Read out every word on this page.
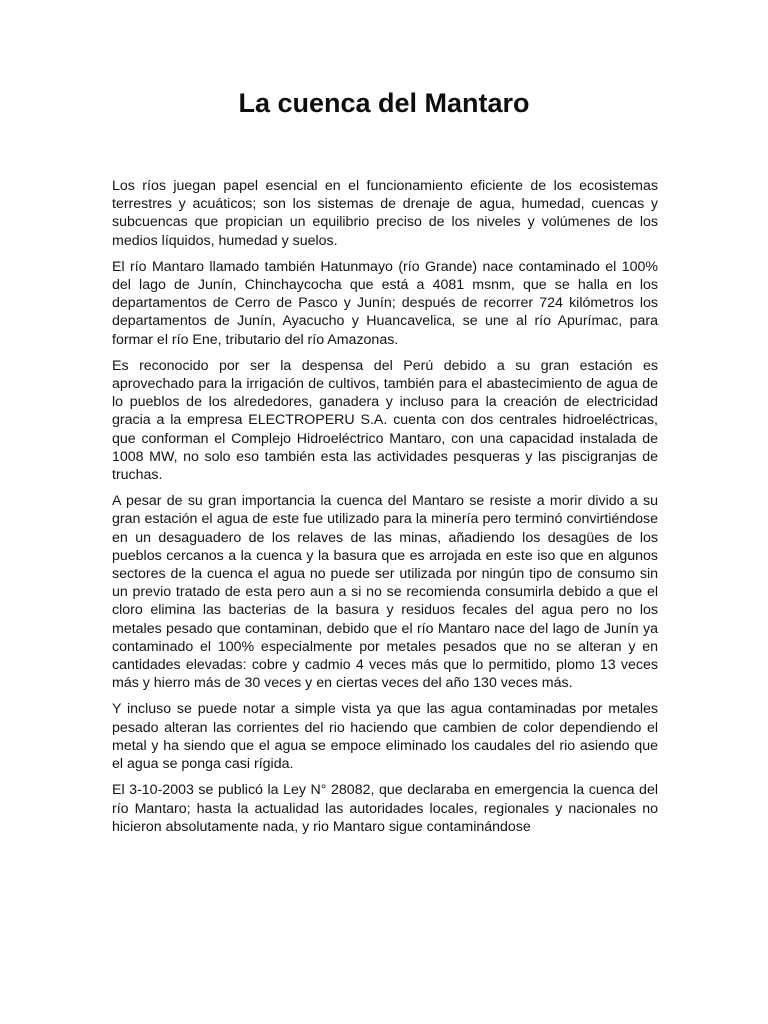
La cuenca del Mantaro

Los ríos juegan papel esencial en el funcionamiento eficiente de los ecosistemas terrestres y acuáticos; son los sistemas de drenaje de agua, humedad, cuencas y subcuencas que propician un equilibrio preciso de los niveles y volúmenes de los medios líquidos, humedad y suelos.

El río Mantaro llamado también Hatunmayo (río Grande) nace contaminado el 100% del lago de Junín, Chinchaycocha que está a 4081 msnm, que se halla en los departamentos de Cerro de Pasco y Junín; después de recorrer 724 kilómetros los departamentos de Junín, Ayacucho y Huancavelica, se une al río Apurímac, para formar el río Ene, tributario del río Amazonas.

Es reconocido por ser la despensa del Perú debido a su gran estación es aprovechado para la irrigación de cultivos, también para el abastecimiento de agua de lo pueblos de los alrededores, ganadera y incluso para la creación de electricidad gracia a la empresa ELECTROPERU S.A. cuenta con dos centrales hidroeléctricas, que conforman el Complejo Hidroeléctrico Mantaro, con una capacidad instalada de 1008 MW, no solo eso también esta las actividades pesqueras y las piscigranjas de truchas.

A pesar de su gran importancia la cuenca del Mantaro se resiste a morir divido a su gran estación el agua de este fue utilizado para la minería pero terminó convirtiéndose en un desaguadero de los relaves de las minas, añadiendo los desagües de los pueblos cercanos a la cuenca y la basura que es arrojada en este iso que en algunos sectores de la cuenca el agua no puede ser utilizada por ningún tipo de consumo sin un previo tratado de esta pero aun a si no se recomienda consumirla debido a que el cloro elimina las bacterias de la basura y residuos fecales del agua pero no los metales pesado que contaminan, debido que el río Mantaro nace del lago de Junín ya contaminado el 100% especialmente por metales pesados que no se alteran y en cantidades elevadas: cobre y cadmio 4 veces más que lo permitido, plomo 13 veces más y hierro más de 30 veces y en ciertas veces del año 130 veces más.

Y incluso se puede notar a simple vista ya que las agua contaminadas por metales pesado alteran las corrientes del rio haciendo que cambien de color dependiendo el metal y ha siendo que el agua se empoce eliminado los caudales del rio asiendo que el agua se ponga casi rígida.

El 3-10-2003 se publicó la Ley N° 28082, que declaraba en emergencia la cuenca del río Mantaro; hasta la actualidad las autoridades locales, regionales y nacionales no hicieron absolutamente nada, y rio Mantaro sigue contaminándose
